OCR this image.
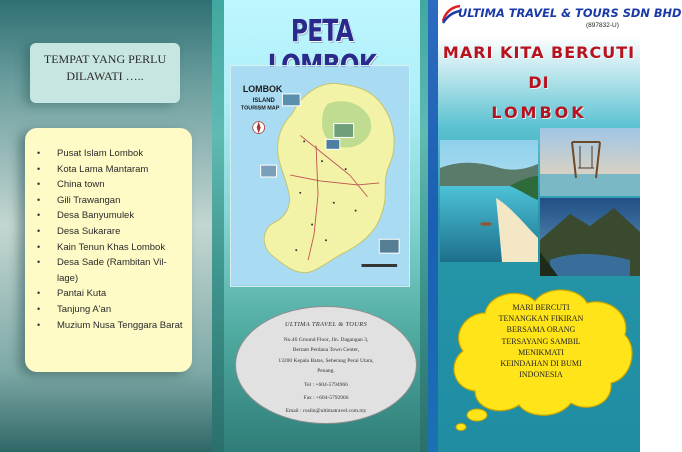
TEMPAT YANG PERLU
DILAWATI …..
• Pusat Islam Lombok
• Kota Lama Mantaram
• China town
• Gili Trawangan
• Desa Banyumulek
• Desa Sukarare
• Kain Tenun Khas Lombok
• Desa Sade (Rambitan Vil-lage)
• Pantai Kuta
• Tanjung A'an
• Muzium Nusa Tenggara Barat
PETA
LOMBOK
ISLAND
TOURISM MAP
ULTIMA TRAVEL & TOURS
No.46 Ground Floor, Jln. Dagangan 3,
Bertam Perdana Town Center,
13200 Kepala Batas, Seberang Perai Utara,
Penang.
Tel : +604-5794966
Fax : +604-5792966
Email : roslin@ultimatravel.com.my
ULTIMA TRAVEL & TOURS SDN BHD
(897832-U)
MARI KITA BERCUTI DI
LOMBOK
MARI BERCUTI
TENANGKAN FIKIRAN
BERSAMA ORANG
TERSAYANG SAMBIL
MENIKMATI
KEINDAHAN DI BUMI
INDONESIA
